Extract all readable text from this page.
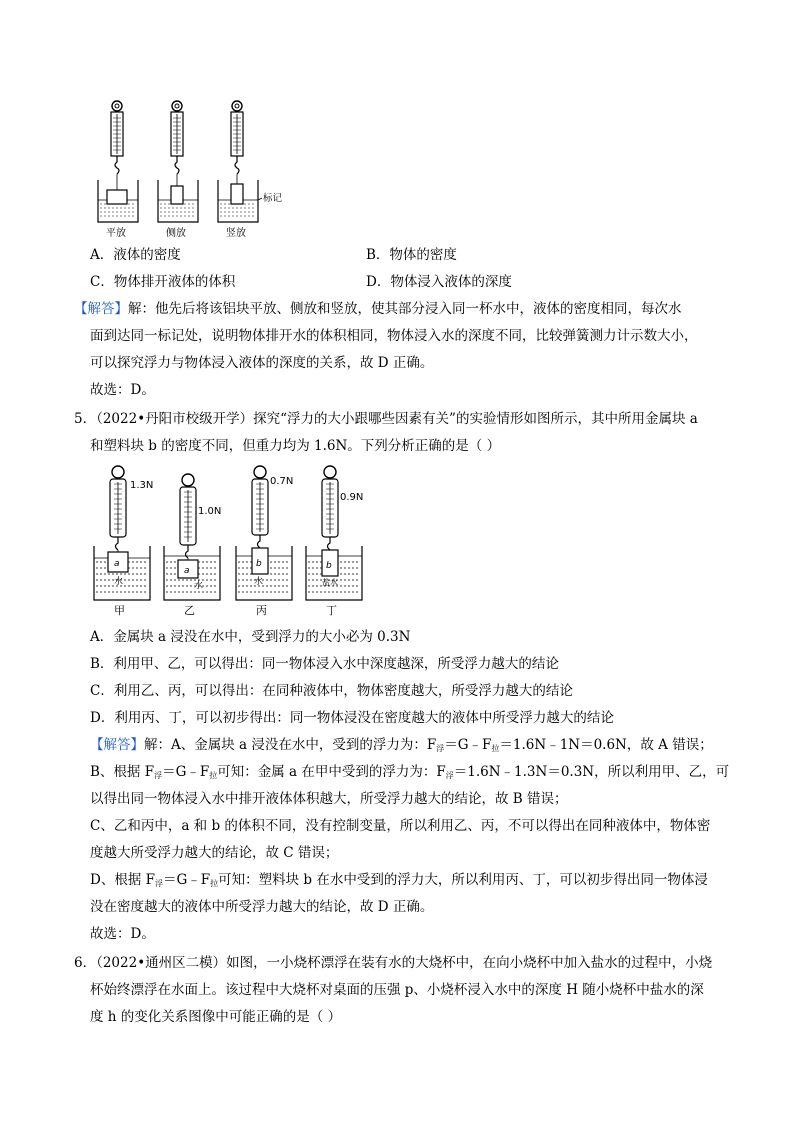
平放	侧放	竖放
标记
A．液体的密度	B．物体的密度
C．物体排开液体的体积	D．物体浸入液体的深度
【解答】解：他先后将该铝块平放、侧放和竖放，使其部分浸入同一杯水中，液体的密度相同，每次水
面到达同一标记处，说明物体排开水的体积相同，物体浸入水的深度不同，比较弹簧测力计示数大小，
可以探究浮力与物体浸入液体的深度的关系，故 D 正确。
故选：D。
5．（2022•丹阳市校级开学）探究“浮力的大小跟哪些因素有关”的实验情形如图所示，其中所用金属块 a
和塑料块 b 的密度不同，但重力均为 1.6N。下列分析正确的是（ ）
1.3N
a
水
甲
1.0N
a
水
乙
0.7N
b
水
丙
0.9N
b
盐水
丁
A．金属块 a 浸没在水中，受到浮力的大小必为 0.3N
B．利用甲、乙，可以得出：同一物体浸入水中深度越深，所受浮力越大的结论
C．利用乙、丙，可以得出：在同种液体中，物体密度越大，所受浮力越大的结论
D．利用丙、丁，可以初步得出：同一物体浸没在密度越大的液体中所受浮力越大的结论
【解答】解：A、金属块 a 浸没在水中，受到的浮力为：$F_浮=G﹣F_拉=1.6N﹣1N=0.6N$，故 A 错误；
B、根据 $F_浮=G﹣F_拉$可知：金属 a 在甲中受到的浮力为：$F_浮=1.6N﹣1.3N=0.3N$，所以利用甲、乙，可
以得出同一物体浸入水中排开液体体积越大，所受浮力越大的结论，故 B 错误；
C、乙和丙中，a 和 b 的体积不同，没有控制变量，所以利用乙、丙，不可以得出在同种液体中，物体密
度越大所受浮力越大的结论，故 C 错误；
D、根据 $F_浮=G﹣F_拉$可知：塑料块 b 在水中受到的浮力大，所以利用丙、丁，可以初步得出同一物体浸
没在密度越大的液体中所受浮力越大的结论，故 D 正确。
故选：D。
6．（2022•通州区二模）如图，一小烧杯漂浮在装有水的大烧杯中，在向小烧杯中加入盐水的过程中，小烧
杯始终漂浮在水面上。该过程中大烧杯对桌面的压强 p、小烧杯浸入水中的深度 H 随小烧杯中盐水的深
度 h 的变化关系图像中可能正确的是（ ）
